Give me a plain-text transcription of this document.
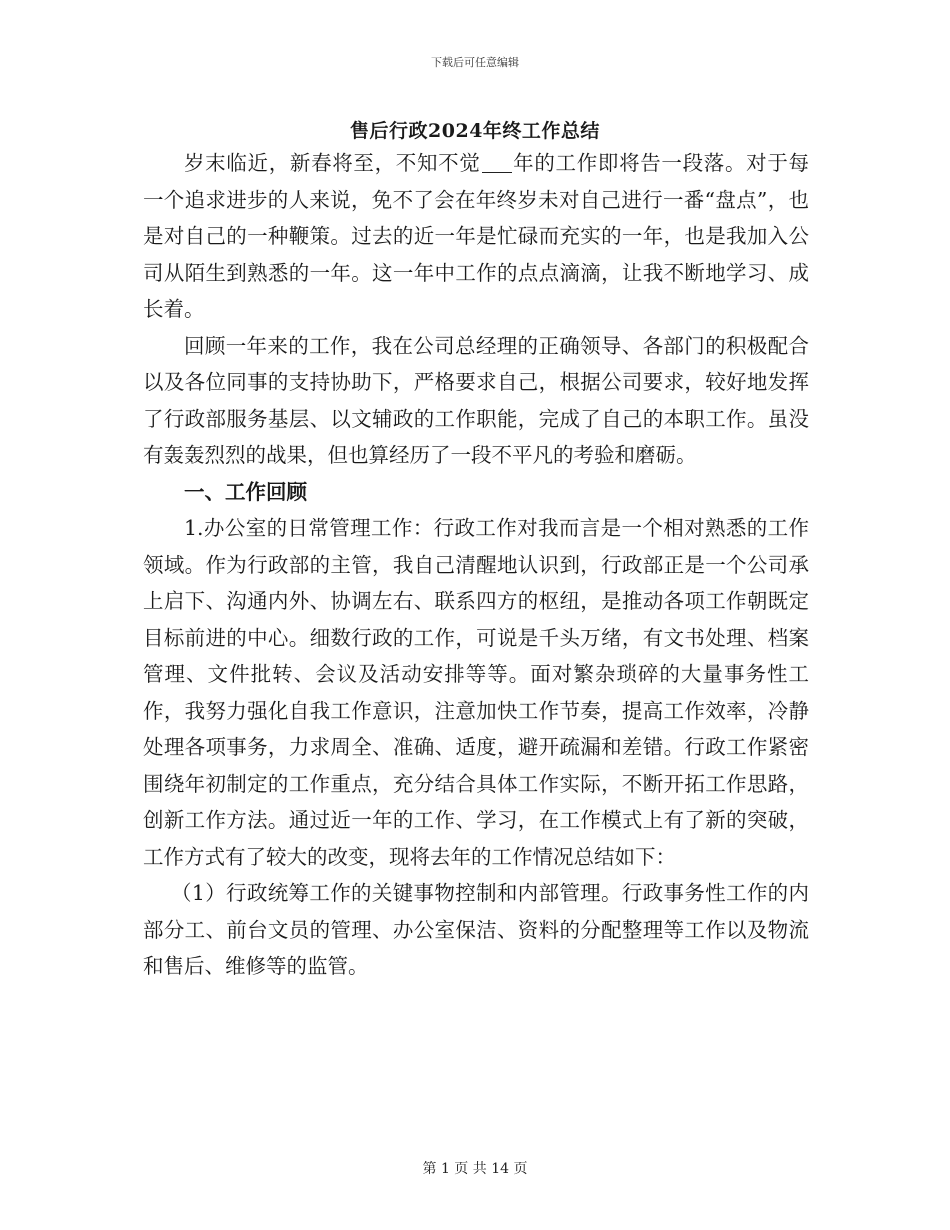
下载后可任意编辑
售后行政2024年终工作总结

岁末临近，新春将至，不知不觉 年的工作即将告一段落。对于每一个追求进步的人来说，免不了会在年终岁未对自己进行一番“盘点”，也是对自己的一种鞭策。过去的近一年是忙碌而充实的一年，也是我加入公司从陌生到熟悉的一年。这一年中工作的点点滴滴，让我不断地学习、成长着。

回顾一年来的工作，我在公司总经理的正确领导、各部门的积极配合以及各位同事的支持协助下，严格要求自己，根据公司要求，较好地发挥了行政部服务基层、以文辅政的工作职能，完成了自己的本职工作。虽没有轰轰烈烈的战果，但也算经历了一段不平凡的考验和磨砺。

一、工作回顾

1.办公室的日常管理工作：行政工作对我而言是一个相对熟悉的工作领域。作为行政部的主管，我自己清醒地认识到，行政部正是一个公司承上启下、沟通内外、协调左右、联系四方的枢纽，是推动各项工作朝既定目标前进的中心。细数行政的工作，可说是千头万绪，有文书处理、档案管理、文件批转、会议及活动安排等等。面对繁杂琐碎的大量事务性工作，我努力强化自我工作意识，注意加快工作节奏，提高工作效率，冷静处理各项事务，力求周全、准确、适度，避开疏漏和差错。行政工作紧密围绕年初制定的工作重点，充分结合具体工作实际，不断开拓工作思路，创新工作方法。通过近一年的工作、学习，在工作模式上有了新的突破，工作方式有了较大的改变，现将去年的工作情况总结如下：

（1）行政统筹工作的关键事物控制和内部管理。行政事务性工作的内部分工、前台文员的管理、办公室保洁、资料的分配整理等工作以及物流和售后、维修等的监管。

第 1 页 共 14 页
